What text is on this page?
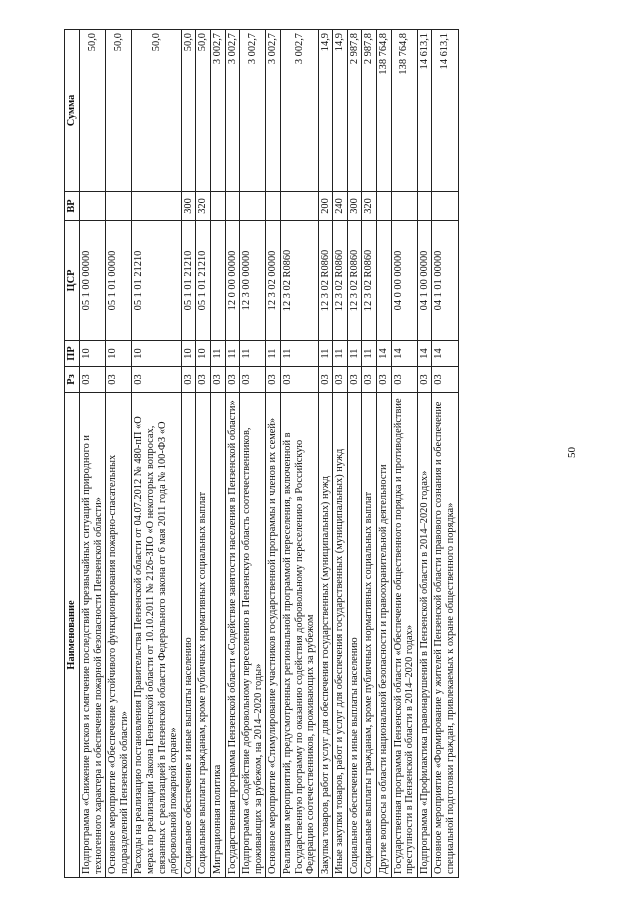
50
Наименование	Рз	ПР	ЦСР	ВР	Сумма
Подпрограмма «Снижение рисков и смягчение последствий чрезвычайных ситуаций природного и техногенного характера и обеспечение пожарной безопасности Пензенской области»	03	10	05 1 00 00000		50,0
Основное мероприятие «Обеспечение устойчивого функционирования пожарно-спасательных подразделений Пензенской области»	03	10	05 1 01 00000		50,0
Расходы на реализацию постановления Правительства Пензенской области от 04.07.2012 № 480-пП «О мерах по реализации Закона Пензенской области от 10.10.2011 № 2126-ЗПО «О некоторых вопросах, связанных с реализацией в Пензенской области Федерального закона от 6 мая 2011 года № 100-ФЗ «О добровольной пожарной охране»	03	10	05 1 01 21210		50,0
Социальное обеспечение и иные выплаты населению	03	10	05 1 01 21210	300	50,0
Социальные выплаты гражданам, кроме публичных нормативных социальных выплат	03	10	05 1 01 21210	320	50,0
Миграционная политика	03	11			3 002,7
Государственная программа Пензенской области «Содействие занятости населения в Пензенской области»	03	11	12 0 00 00000		3 002,7
Подпрограмма «Содействие добровольному переселению в Пензенскую область соотечественников, проживающих за рубежом, на 2014–2020 годы»	03	11	12 3 00 00000		3 002,7
Основное мероприятие «Стимулирование участников государственной программы и членов их семей»	03	11	12 3 02 00000		3 002,7
Реализация мероприятий, предусмотренных региональной программой переселения, включенной в Государственную программу по оказанию содействия добровольному переселению в Российскую Федерацию соотечественников, проживающих за рубежом	03	11	12 3 02 R0860		3 002,7
Закупка товаров, работ и услуг для обеспечения государственных (муниципальных) нужд	03	11	12 3 02 R0860	200	14,9
Иные закупки товаров, работ и услуг для обеспечения государственных (муниципальных) нужд	03	11	12 3 02 R0860	240	14,9
Социальное обеспечение и иные выплаты населению	03	11	12 3 02 R0860	300	2 987,8
Социальные выплаты гражданам, кроме публичных нормативных социальных выплат	03	11	12 3 02 R0860	320	2 987,8
Другие вопросы в области национальной безопасности и правоохранительной деятельности	03	14			138 764,8
Государственная программа Пензенской области «Обеспечение общественного порядка и противодействие преступности в Пензенской области в 2014–2020 годах»	03	14	04 0 00 00000		138 764,8
Подпрограмма «Профилактика правонарушений в Пензенской области в 2014–2020 годах»	03	14	04 1 00 00000		14 613,1
Основное мероприятие «Формирование у жителей Пензенской области правового сознания и обеспечение специальной подготовки граждан, привлекаемых к охране общественного порядка»	03	14	04 1 01 00000		14 613,1
